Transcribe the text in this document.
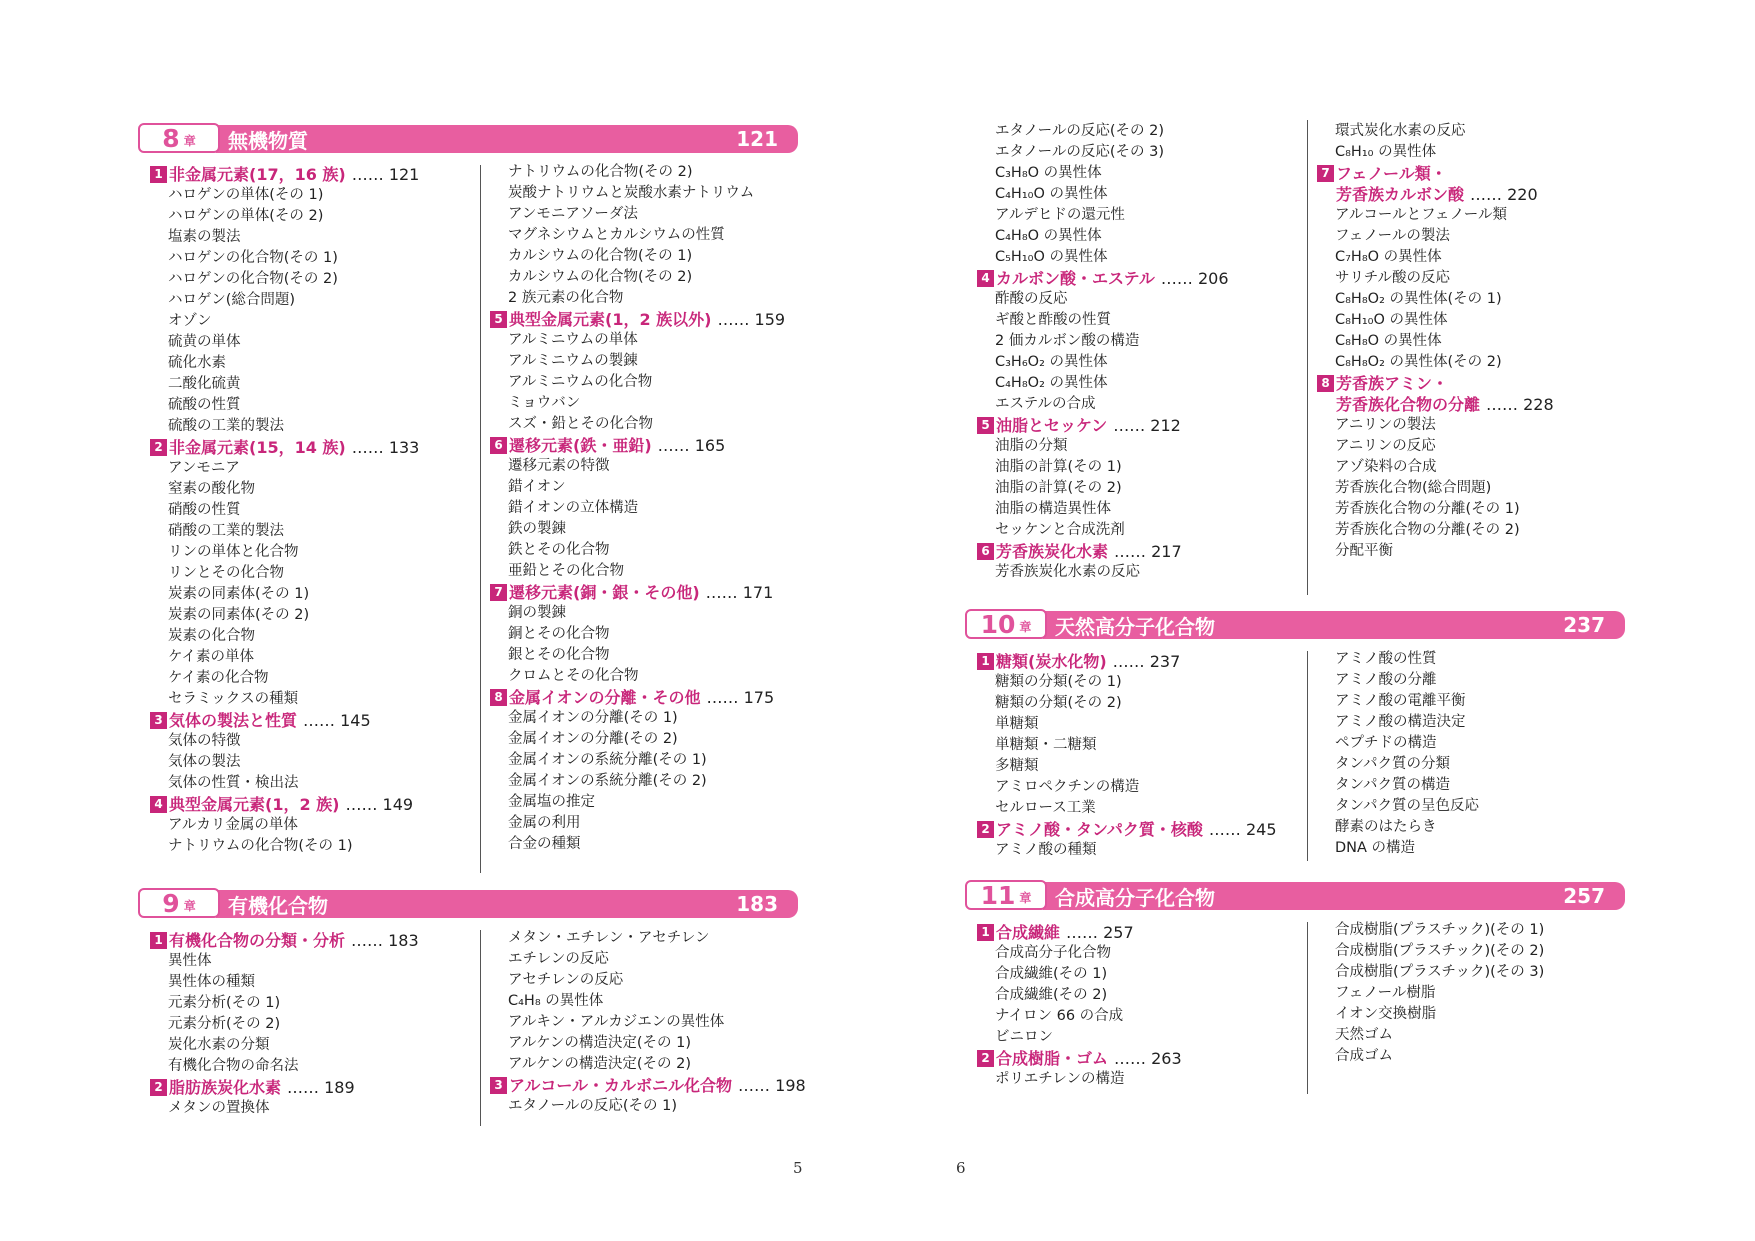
8 章 無機物質	121
9 章 有機化合物	183
10 章 天然高分子化合物	237
11 章 合成高分子化合物	257
1 非金属元素(17，16 族) …… 121
ハロゲンの単体(その 1)
ハロゲンの単体(その 2)
塩素の製法
ハロゲンの化合物(その 1)
ハロゲンの化合物(その 2)
ハロゲン(総合問題)
オゾン
硫黄の単体
硫化水素
二酸化硫黄
硫酸の性質
硫酸の工業的製法
2 非金属元素(15，14 族) …… 133
アンモニア
窒素の酸化物
硝酸の性質
硝酸の工業的製法
リンの単体と化合物
リンとその化合物
炭素の同素体(その 1)
炭素の同素体(その 2)
炭素の化合物
ケイ素の単体
ケイ素の化合物
セラミックスの種類
3 気体の製法と性質 …… 145
気体の特徴
気体の製法
気体の性質・検出法
4 典型金属元素(1，2 族) …… 149
アルカリ金属の単体
ナトリウムの化合物(その 1)
ナトリウムの化合物(その 2)
炭酸ナトリウムと炭酸水素ナトリウム
アンモニアソーダ法
マグネシウムとカルシウムの性質
カルシウムの化合物(その 1)
カルシウムの化合物(その 2)
2 族元素の化合物
5 典型金属元素(1，2 族以外) …… 159
アルミニウムの単体
アルミニウムの製錬
アルミニウムの化合物
ミョウバン
スズ・鉛とその化合物
6 遷移元素(鉄・亜鉛) …… 165
遷移元素の特徴
錯イオン
錯イオンの立体構造
鉄の製錬
鉄とその化合物
亜鉛とその化合物
7 遷移元素(銅・銀・その他) …… 171
銅の製錬
銅とその化合物
銀とその化合物
クロムとその化合物
8 金属イオンの分離・その他 …… 175
金属イオンの分離(その 1)
金属イオンの分離(その 2)
金属イオンの系統分離(その 1)
金属イオンの系統分離(その 2)
金属塩の推定
金属の利用
合金の種類
1 有機化合物の分類・分析 …… 183
異性体
異性体の種類
元素分析(その 1)
元素分析(その 2)
炭化水素の分類
有機化合物の命名法
2 脂肪族炭化水素 …… 189
メタンの置換体
メタン・エチレン・アセチレン
エチレンの反応
アセチレンの反応
C₄H₈ の異性体
アルキン・アルカジエンの異性体
アルケンの構造決定(その 1)
アルケンの構造決定(その 2)
3 アルコール・カルボニル化合物 …… 198
エタノールの反応(その 1)
エタノールの反応(その 2)
エタノールの反応(その 3)
C₃H₈O の異性体
C₄H₁₀O の異性体
アルデヒドの還元性
C₄H₈O の異性体
C₅H₁₀O の異性体
4 カルボン酸・エステル …… 206
酢酸の反応
ギ酸と酢酸の性質
2 価カルボン酸の構造
C₃H₆O₂ の異性体
C₄H₈O₂ の異性体
エステルの合成
5 油脂とセッケン …… 212
油脂の分類
油脂の計算(その 1)
油脂の計算(その 2)
油脂の構造異性体
セッケンと合成洗剤
6 芳香族炭化水素 …… 217
芳香族炭化水素の反応
環式炭化水素の反応
C₈H₁₀ の異性体
7 フェノール類・
芳香族カルボン酸 …… 220
アルコールとフェノール類
フェノールの製法
C₇H₈O の異性体
サリチル酸の反応
C₈H₈O₂ の異性体(その 1)
C₈H₁₀O の異性体
C₈H₈O の異性体
C₈H₈O₂ の異性体(その 2)
8 芳香族アミン・
芳香族化合物の分離 …… 228
アニリンの製法
アニリンの反応
アゾ染料の合成
芳香族化合物(総合問題)
芳香族化合物の分離(その 1)
芳香族化合物の分離(その 2)
分配平衡
1 糖類(炭水化物) …… 237
糖類の分類(その 1)
糖類の分類(その 2)
単糖類
単糖類・二糖類
多糖類
アミロペクチンの構造
セルロース工業
2 アミノ酸・タンパク質・核酸 …… 245
アミノ酸の種類
アミノ酸の性質
アミノ酸の分離
アミノ酸の電離平衡
アミノ酸の構造決定
ペプチドの構造
タンパク質の分類
タンパク質の構造
タンパク質の呈色反応
酵素のはたらき
DNA の構造
1 合成繊維 …… 257
合成高分子化合物
合成繊維(その 1)
合成繊維(その 2)
ナイロン 66 の合成
ビニロン
2 合成樹脂・ゴム …… 263
ポリエチレンの構造
合成樹脂(プラスチック)(その 1)
合成樹脂(プラスチック)(その 2)
合成樹脂(プラスチック)(その 3)
フェノール樹脂
イオン交換樹脂
天然ゴム
合成ゴム
5	6
